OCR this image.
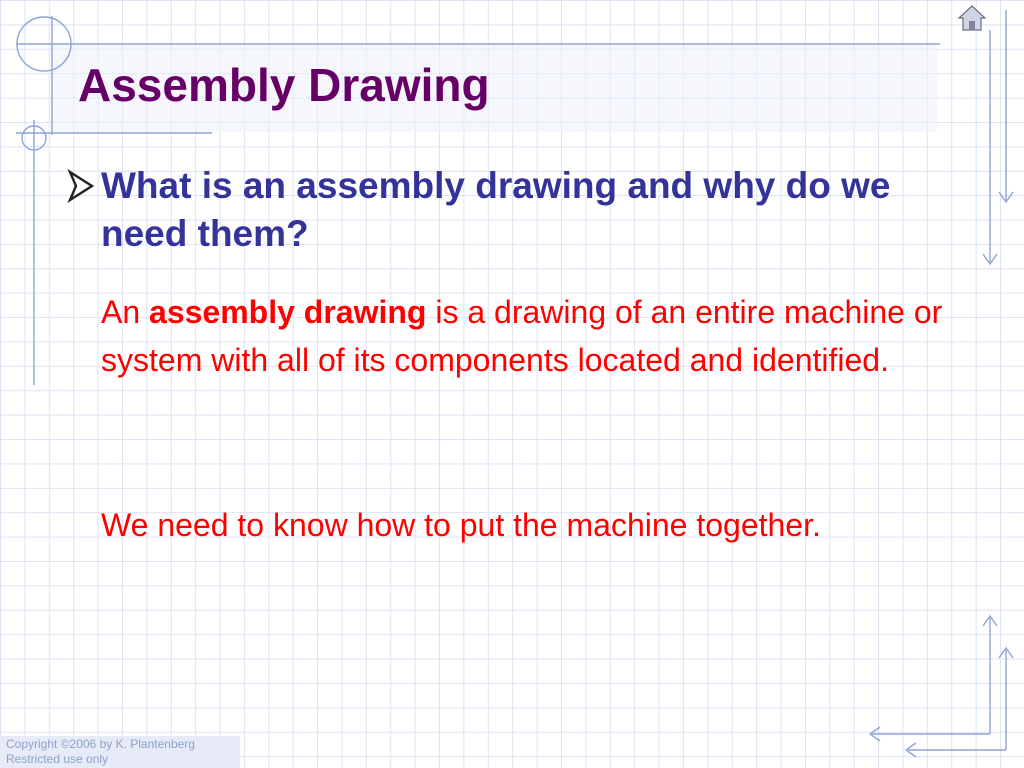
Assembly Drawing

What is an assembly drawing and why do we need them?

An assembly drawing is a drawing of an entire machine or system with all of its components located and identified.

We need to know how to put the machine together.

Copyright ©2006 by K. Plantenberg
Restricted use only
